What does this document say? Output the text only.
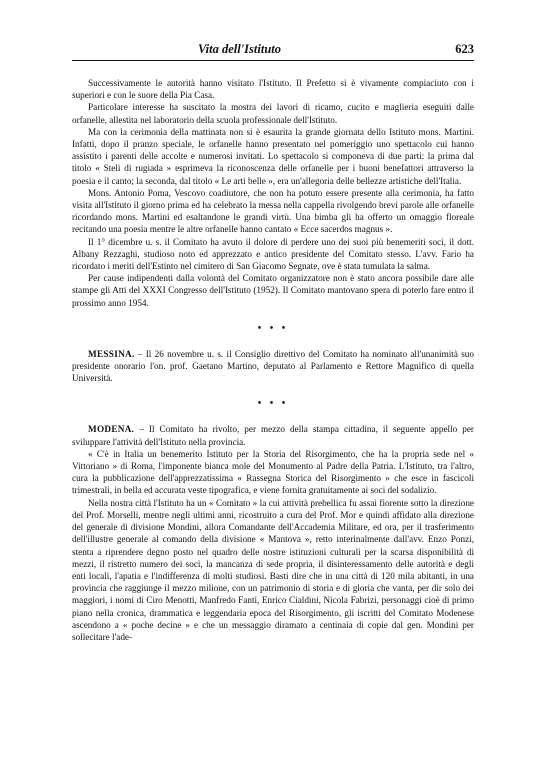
Vita dell'Istituto	623

Successivamente le autorità hanno visitato l'Istituto. Il Prefetto si è vivamente compiaciuto con i superiori e con le suore della Pia Casa.

Particolare interesse ha suscitato la mostra dei lavori di ricamo, cucito e maglieria eseguiti dalle orfanelle, allestita nel laboratorio della scuola professionale dell'Istituto.

Ma con la cerimonia della mattinata non si è esaurita la grande giornata dello Istituto mons. Martini. Infatti, dopo il pranzo speciale, le orfanelle hanno presentato nel pomeriggio uno spettacolo cui hanno assistito i parenti delle accolte e numerosi invitati. Lo spettacolo si componeva di due parti: la prima dal titolo « Steli di rugiada » esprimeva la riconoscenza delle orfanelle per i buoni benefattori attraverso la poesia e il canto; la seconda, dal titolo « Le arti belle », era un'allegoria delle bellezze artistiche dell'Italia.

Mons. Antonio Poma, Vescovo coadiutore, che non ha potuto essere presente alla cerimonia, ha fatto visita all'Istituto il giorno prima ed ha celebrato la messa nella cappella rivolgendo brevi parole alle orfanelle ricordando mons. Martini ed esaltandone le grandi virtù. Una bimba gli ha offerto un omaggio floreale recitando una poesia mentre le altre orfanelle hanno cantato « Ecce sacerdos magnus ».

Il 1° dicembre u. s. il Comitato ha avuto il dolore di perdere uno dei suoi più benemeriti soci, il dott. Albany Rezzaghi, studioso noto ed apprezzato e antico presidente del Comitato stesso. L'avv. Fario ha ricordato i meriti dell'Estinto nel cimitero di San Giacomo Segnate, ove è stata tumulata la salma.

Per cause indipendenti dalla volontà del Comitato organizzatore non è stato ancora possibile dare alle stampe gli Atti del XXXI Congresso dell'Istituto (1952). Il Comitato mantovano spera di poterlo fare entro il prossimo anno 1954.

• • •

MESSINA. – Il 26 novembre u. s. il Consiglio direttivo del Comitato ha nominato all'unanimità suo presidente onorario l'on. prof. Gaetano Martino, deputato al Parlamento e Rettore Magnifico di quella Università.

• • •

MODENA. – Il Comitato ha rivolto, per mezzo della stampa cittadina, il seguente appello per sviluppare l'attività dell'Istituto nella provincia.

« C'è in Italia un benemerito Istituto per la Storia del Risorgimento, che ha la propria sede nel « Vittoriano » di Roma, l'imponente bianca mole del Monumento al Padre della Patria. L'Istituto, tra l'altro, cura la pubblicazione dell'apprezzatissima « Rassegna Storica del Risorgimento » che esce in fascicoli trimestrali, in bella ed accurata veste tipografica, e viene fornita gratuitamente ai soci del sodalizio.

Nella nostra città l'Istituto ha un « Comitato » la cui attività prebellica fu assai fiorente sotto la direzione del Prof. Morselli, mentre negli ultimi anni, ricostruito a cura del Prof. Mor e quindi affidato alla direzione del generale di divisione Mondini, allora Comandante dell'Accademia Militare, ed ora, per il trasferimento dell'illustre generale al comando della divisione « Mantova », retto interinalmente dall'avv. Enzo Ponzi, stenta a riprendere degno posto nel quadro delle nostre istituzioni culturali per la scarsa disponibilità di mezzi, il ristretto numero dei soci, la mancanza di sede propria, il disinteressamento delle autorità e degli enti locali, l'apatia e l'indifferenza di molti studiosi. Basti dire che in una città di 120 mila abitanti, in una provincia che raggiunge il mezzo milione, con un patrimonio di storia e di gloria che vanta, per dir solo dei maggiori, i nomi di Ciro Menotti, Manfredo Fanti, Enrico Cialdini, Nicola Fabrizi, personaggi cioè di primo piano nella cronica, drammatica e leggendaria epoca del Risorgimento, gli iscritti del Comitato Modenese ascendono a « poche decine » e che un messaggio diramato a centinaia di copie dal gen. Mondini per sollecitare l'ade-
